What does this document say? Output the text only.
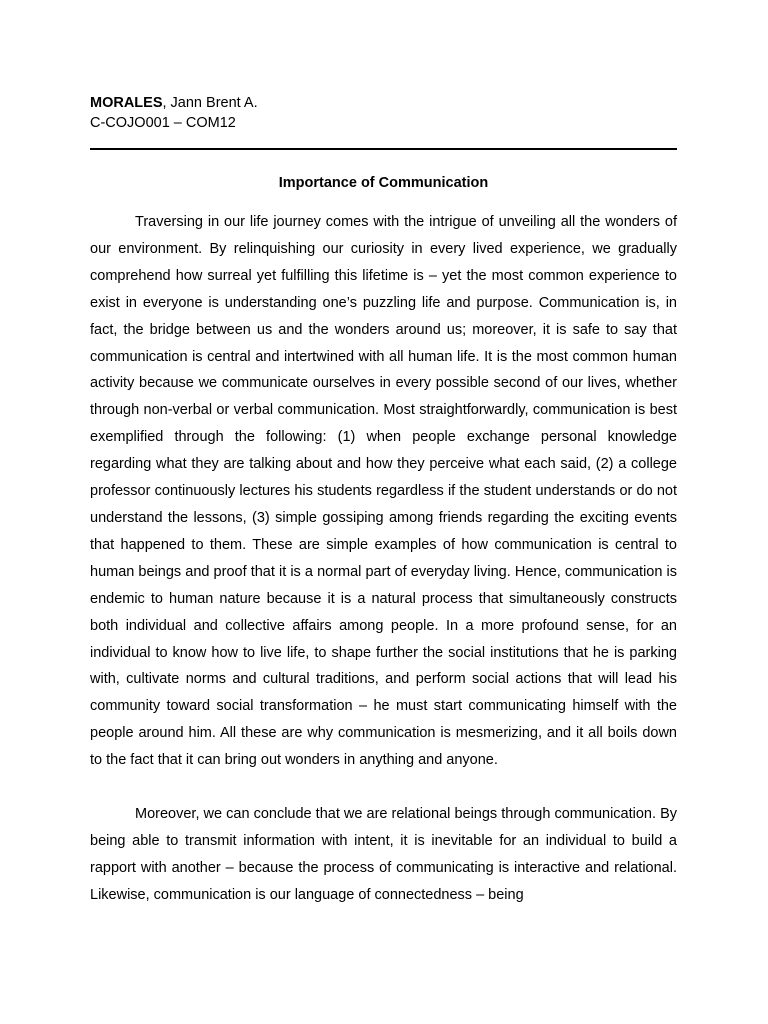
MORALES, Jann Brent A.

C-COJO001 – COM12

Importance of Communication

Traversing in our life journey comes with the intrigue of unveiling all the wonders of our environment. By relinquishing our curiosity in every lived experience, we gradually comprehend how surreal yet fulfilling this lifetime is – yet the most common experience to exist in everyone is understanding one’s puzzling life and purpose. Communication is, in fact, the bridge between us and the wonders around us; moreover, it is safe to say that communication is central and intertwined with all human life. It is the most common human activity because we communicate ourselves in every possible second of our lives, whether through non-verbal or verbal communication. Most straightforwardly, communication is best exemplified through the following: (1) when people exchange personal knowledge regarding what they are talking about and how they perceive what each said, (2) a college professor continuously lectures his students regardless if the student understands or do not understand the lessons, (3) simple gossiping among friends regarding the exciting events that happened to them. These are simple examples of how communication is central to human beings and proof that it is a normal part of everyday living. Hence, communication is endemic to human nature because it is a natural process that simultaneously constructs both individual and collective affairs among people. In a more profound sense, for an individual to know how to live life, to shape further the social institutions that he is parking with, cultivate norms and cultural traditions, and perform social actions that will lead his community toward social transformation – he must start communicating himself with the people around him. All these are why communication is mesmerizing, and it all boils down to the fact that it can bring out wonders in anything and anyone.

Moreover, we can conclude that we are relational beings through communication. By being able to transmit information with intent, it is inevitable for an individual to build a rapport with another – because the process of communicating is interactive and relational. Likewise, communication is our language of connectedness – being
